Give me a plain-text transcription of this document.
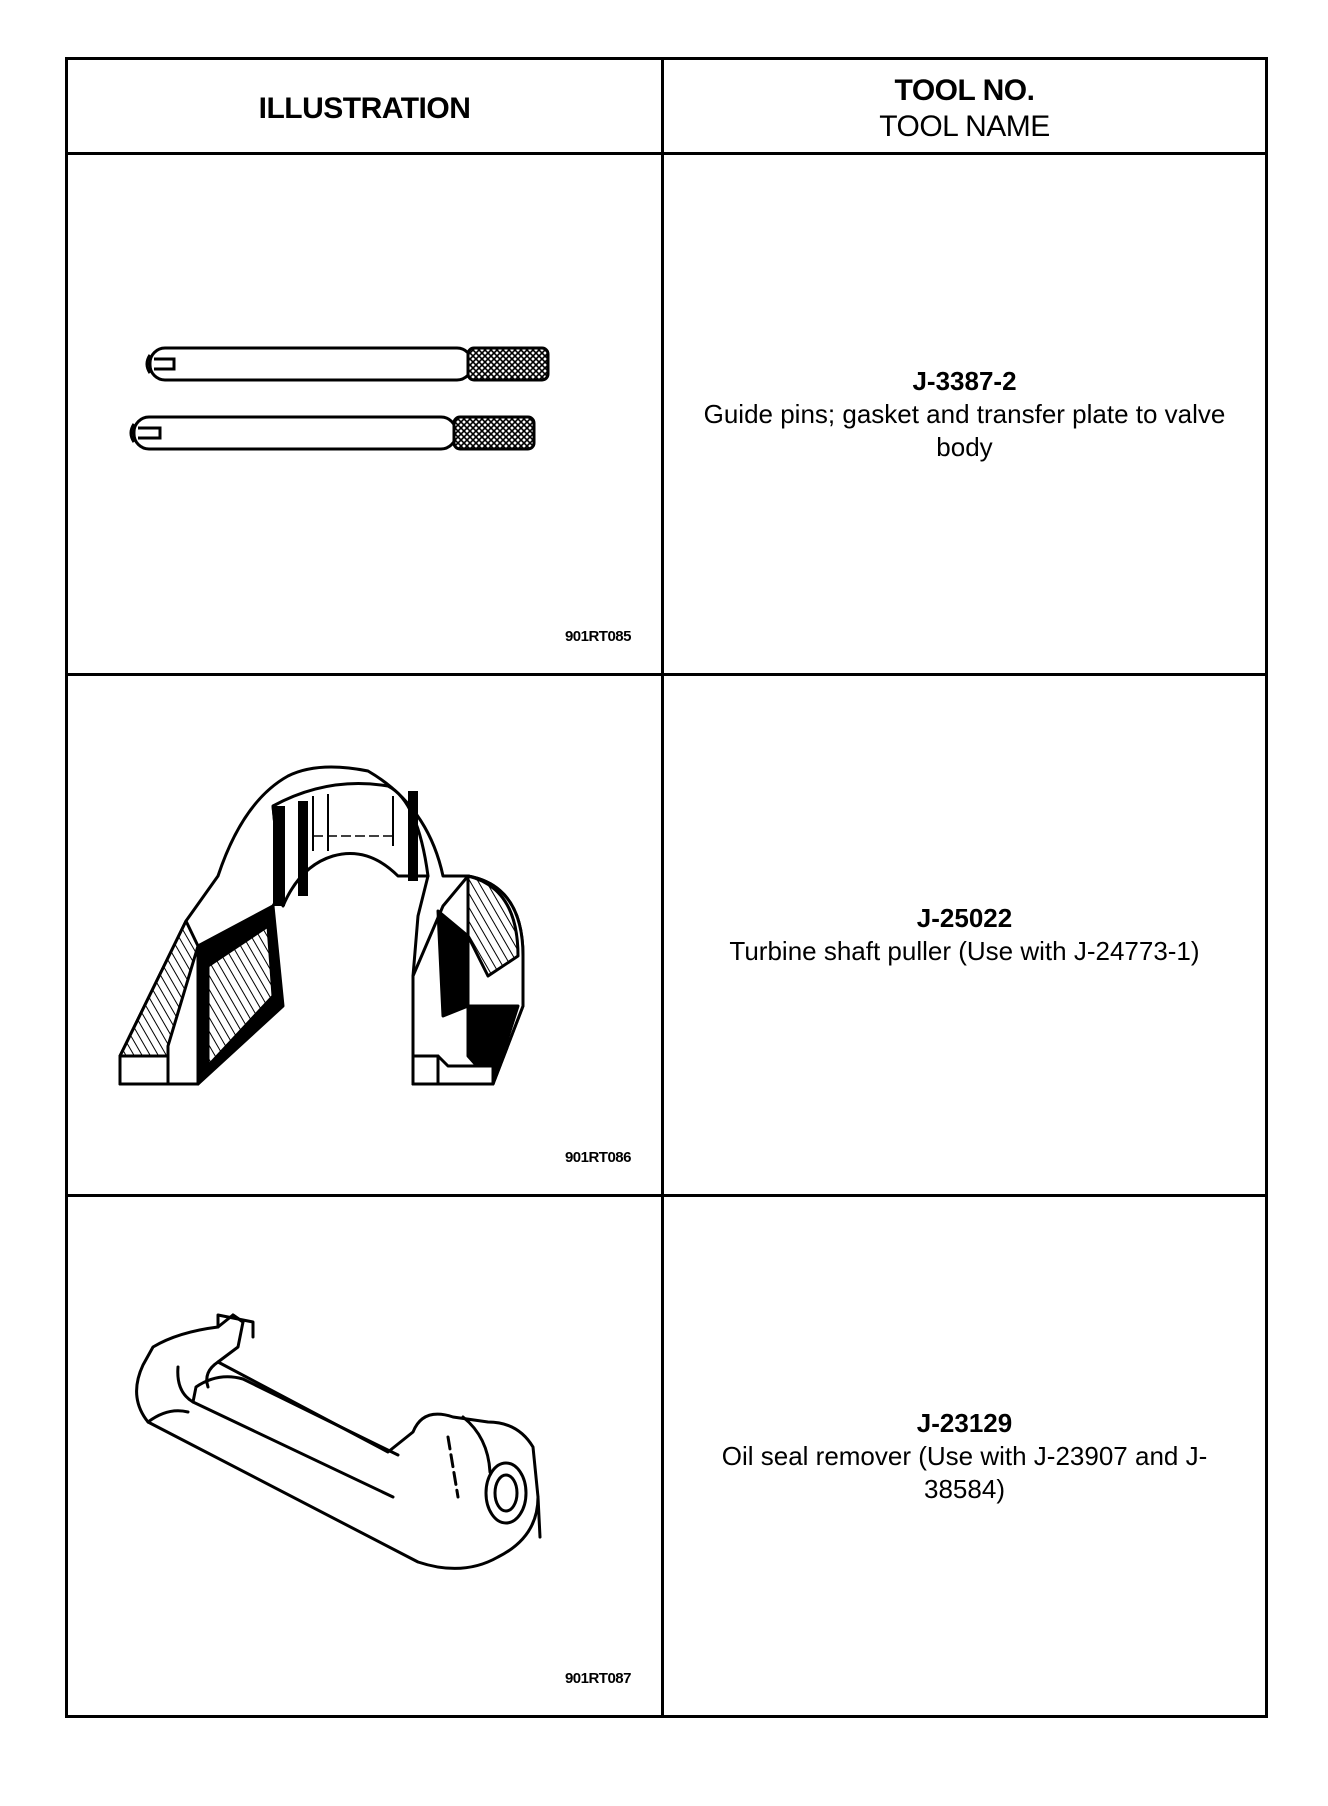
ILLUSTRATION	TOOL NO.
TOOL NAME

901RT085	J-3387-2
Guide pins; gasket and transfer plate to valve body

901RT086	J-25022
Turbine shaft puller (Use with J-24773-1)

901RT087	J-23129
Oil seal remover (Use with J-23907 and J-38584)
